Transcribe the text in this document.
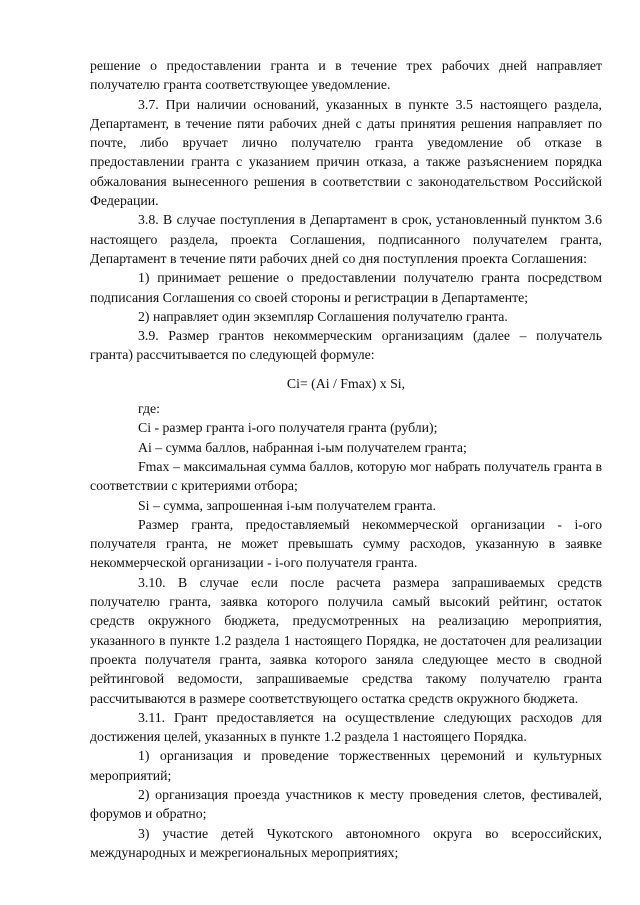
решение о предоставлении гранта и в течение трех рабочих дней направляет получателю гранта соответствующее уведомление.

3.7. При наличии оснований, указанных в пункте 3.5 настоящего раздела, Департамент, в течение пяти рабочих дней с даты принятия решения направляет по почте, либо вручает лично получателю гранта уведомление об отказе в предоставлении гранта с указанием причин отказа, а также разъяснением порядка обжалования вынесенного решения в соответствии с законодательством Российской Федерации.

3.8. В случае поступления в Департамент в срок, установленный пунктом 3.6 настоящего раздела, проекта Соглашения, подписанного получателем гранта, Департамент в течение пяти рабочих дней со дня поступления проекта Соглашения:

1) принимает решение о предоставлении получателю гранта посредством подписания Соглашения со своей стороны и регистрации в Департаменте;

2) направляет один экземпляр Соглашения получателю гранта.

3.9. Размер грантов некоммерческим организациям (далее – получатель гранта) рассчитывается по следующей формуле:

Ci= (Ai / Fmax) x Si,

где:

Ci - размер гранта i-ого получателя гранта (рубли);

Ai – сумма баллов, набранная i-ым получателем гранта;

Fmax – максимальная сумма баллов, которую мог набрать получатель гранта в соответствии с критериями отбора;

Si – сумма, запрошенная i-ым получателем гранта.

Размер гранта, предоставляемый некоммерческой организации - i-ого получателя гранта, не может превышать сумму расходов, указанную в заявке некоммерческой организации - i-ого получателя гранта.

3.10. В случае если после расчета размера запрашиваемых средств получателю гранта, заявка которого получила самый высокий рейтинг, остаток средств окружного бюджета, предусмотренных на реализацию мероприятия, указанного в пункте 1.2 раздела 1 настоящего Порядка, не достаточен для реализации проекта получателя гранта, заявка которого заняла следующее место в сводной рейтинговой ведомости, запрашиваемые средства такому получателю гранта рассчитываются в размере соответствующего остатка средств окружного бюджета.

3.11. Грант предоставляется на осуществление следующих расходов для достижения целей, указанных в пункте 1.2 раздела 1 настоящего Порядка.

1) организация и проведение торжественных церемоний и культурных мероприятий;

2) организация проезда участников к месту проведения слетов, фестивалей, форумов и обратно;

3) участие детей Чукотского автономного округа во всероссийских, международных и межрегиональных мероприятиях;
